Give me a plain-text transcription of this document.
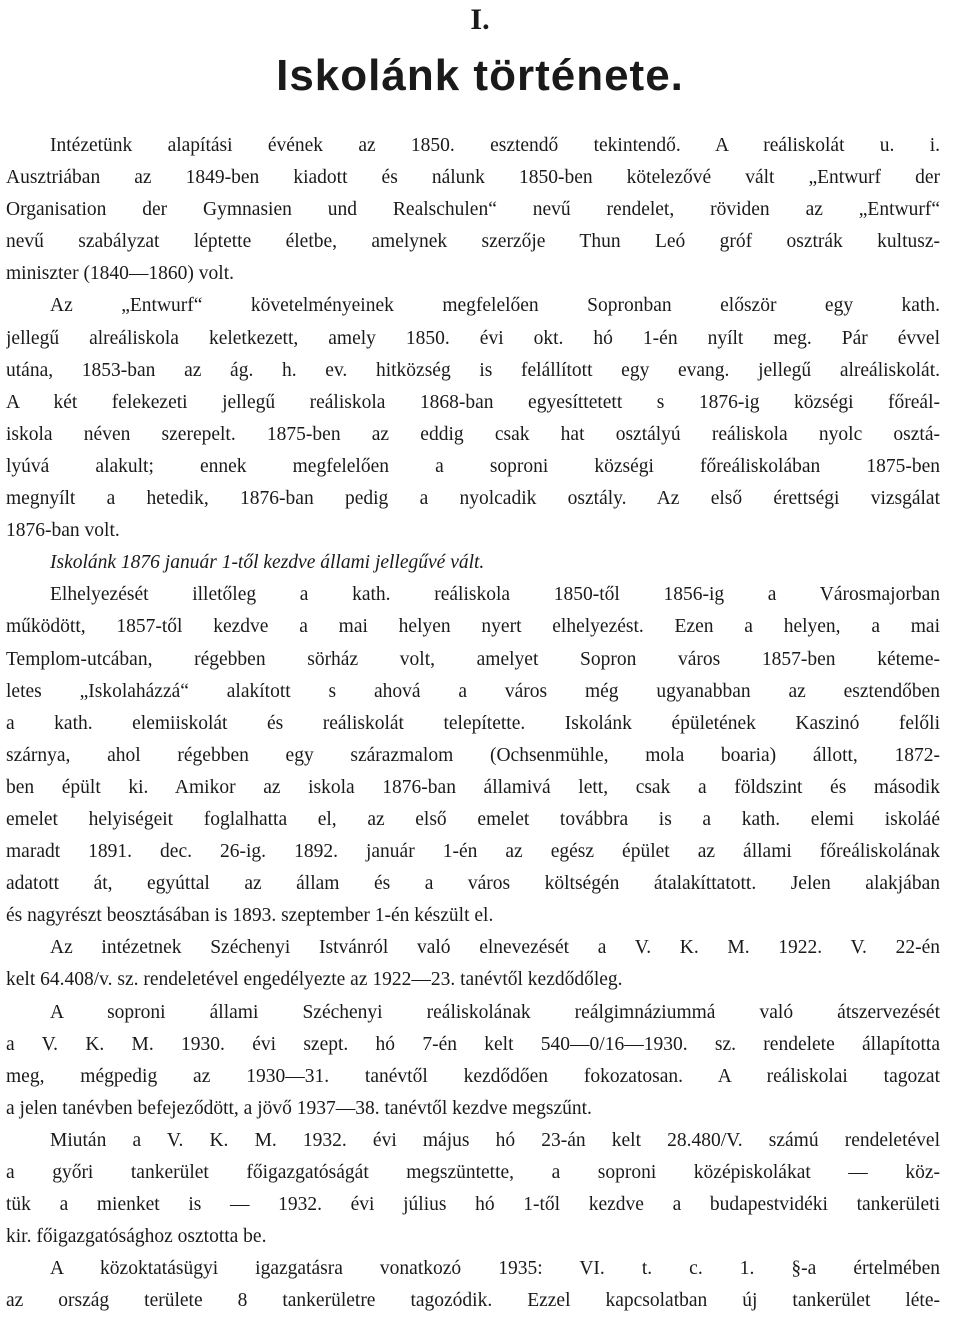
I.
Iskolánk története.
Intézetünk alapítási évének az 1850. esztendő tekintendő. A reáliskolát u. i.
Ausztriában az 1849-ben kiadott és nálunk 1850-ben kötelezővé vált „Entwurf der
Organisation der Gymnasien und Realschulen“ nevű rendelet, röviden az „Entwurf“
nevű szabályzat léptette életbe, amelynek szerzője Thun Leó gróf osztrák kultusz-
miniszter (1840—1860) volt.
Az „Entwurf“ követelményeinek megfelelően Sopronban először egy kath.
jellegű alreáliskola keletkezett, amely 1850. évi okt. hó 1-én nyílt meg. Pár évvel
utána, 1853-ban az ág. h. ev. hitközség is felállított egy evang. jellegű alreáliskolát.
A két felekezeti jellegű reáliskola 1868-ban egyesíttetett s 1876-ig községi főreál-
iskola néven szerepelt. 1875-ben az eddig csak hat osztályú reáliskola nyolc osztá-
lyúvá alakult; ennek megfelelően a soproni községi főreáliskolában 1875-ben
megnyílt a hetedik, 1876-ban pedig a nyolcadik osztály. Az első érettségi vizsgálat
1876-ban volt.
Iskolánk 1876 január 1-től kezdve állami jellegűvé vált.
Elhelyezését illetőleg a kath. reáliskola 1850-től 1856-ig a Városmajorban
működött, 1857-től kezdve a mai helyen nyert elhelyezést. Ezen a helyen, a mai
Templom-utcában, régebben sörház volt, amelyet Sopron város 1857-ben kéteme-
letes „Iskolaházzá“ alakított s ahová a város még ugyanabban az esztendőben
a kath. elemiiskolát és reáliskolát telepítette. Iskolánk épületének Kaszinó felőli
szárnya, ahol régebben egy szárazmalom (Ochsenmühle, mola boaria) állott, 1872-
ben épült ki. Amikor az iskola 1876-ban államivá lett, csak a földszint és második
emelet helyiségeit foglalhatta el, az első emelet továbbra is a kath. elemi iskoláé
maradt 1891. dec. 26-ig. 1892. január 1-én az egész épület az állami főreáliskolának
adatott át, egyúttal az állam és a város költségén átalakíttatott. Jelen alakjában
és nagyrészt beosztásában is 1893. szeptember 1-én készült el.
Az intézetnek Széchenyi Istvánról való elnevezését a V. K. M. 1922. V. 22-én
kelt 64.408/v. sz. rendeletével engedélyezte az 1922—23. tanévtől kezdődőleg.
A soproni állami Széchenyi reáliskolának reálgimnáziummá való átszervezését
a V. K. M. 1930. évi szept. hó 7-én kelt 540—0/16—1930. sz. rendelete állapította
meg, mégpedig az 1930—31. tanévtől kezdődően fokozatosan. A reáliskolai tagozat
a jelen tanévben befejeződött, a jövő 1937—38. tanévtől kezdve megszűnt.
Miután a V. K. M. 1932. évi május hó 23-án kelt 28.480/V. számú rendeletével
a győri tankerület főigazgatóságát megszüntette, a soproni középiskolákat — köz-
tük a mienket is — 1932. évi július hó 1-től kezdve a budapestvidéki tankerületi
kir. főigazgatósághoz osztotta be.
A közoktatásügyi igazgatásra vonatkozó 1935: VI. t. c. 1. §-a értelmében
az ország területe 8 tankerületre tagozódik. Ezzel kapcsolatban új tankerület léte-
